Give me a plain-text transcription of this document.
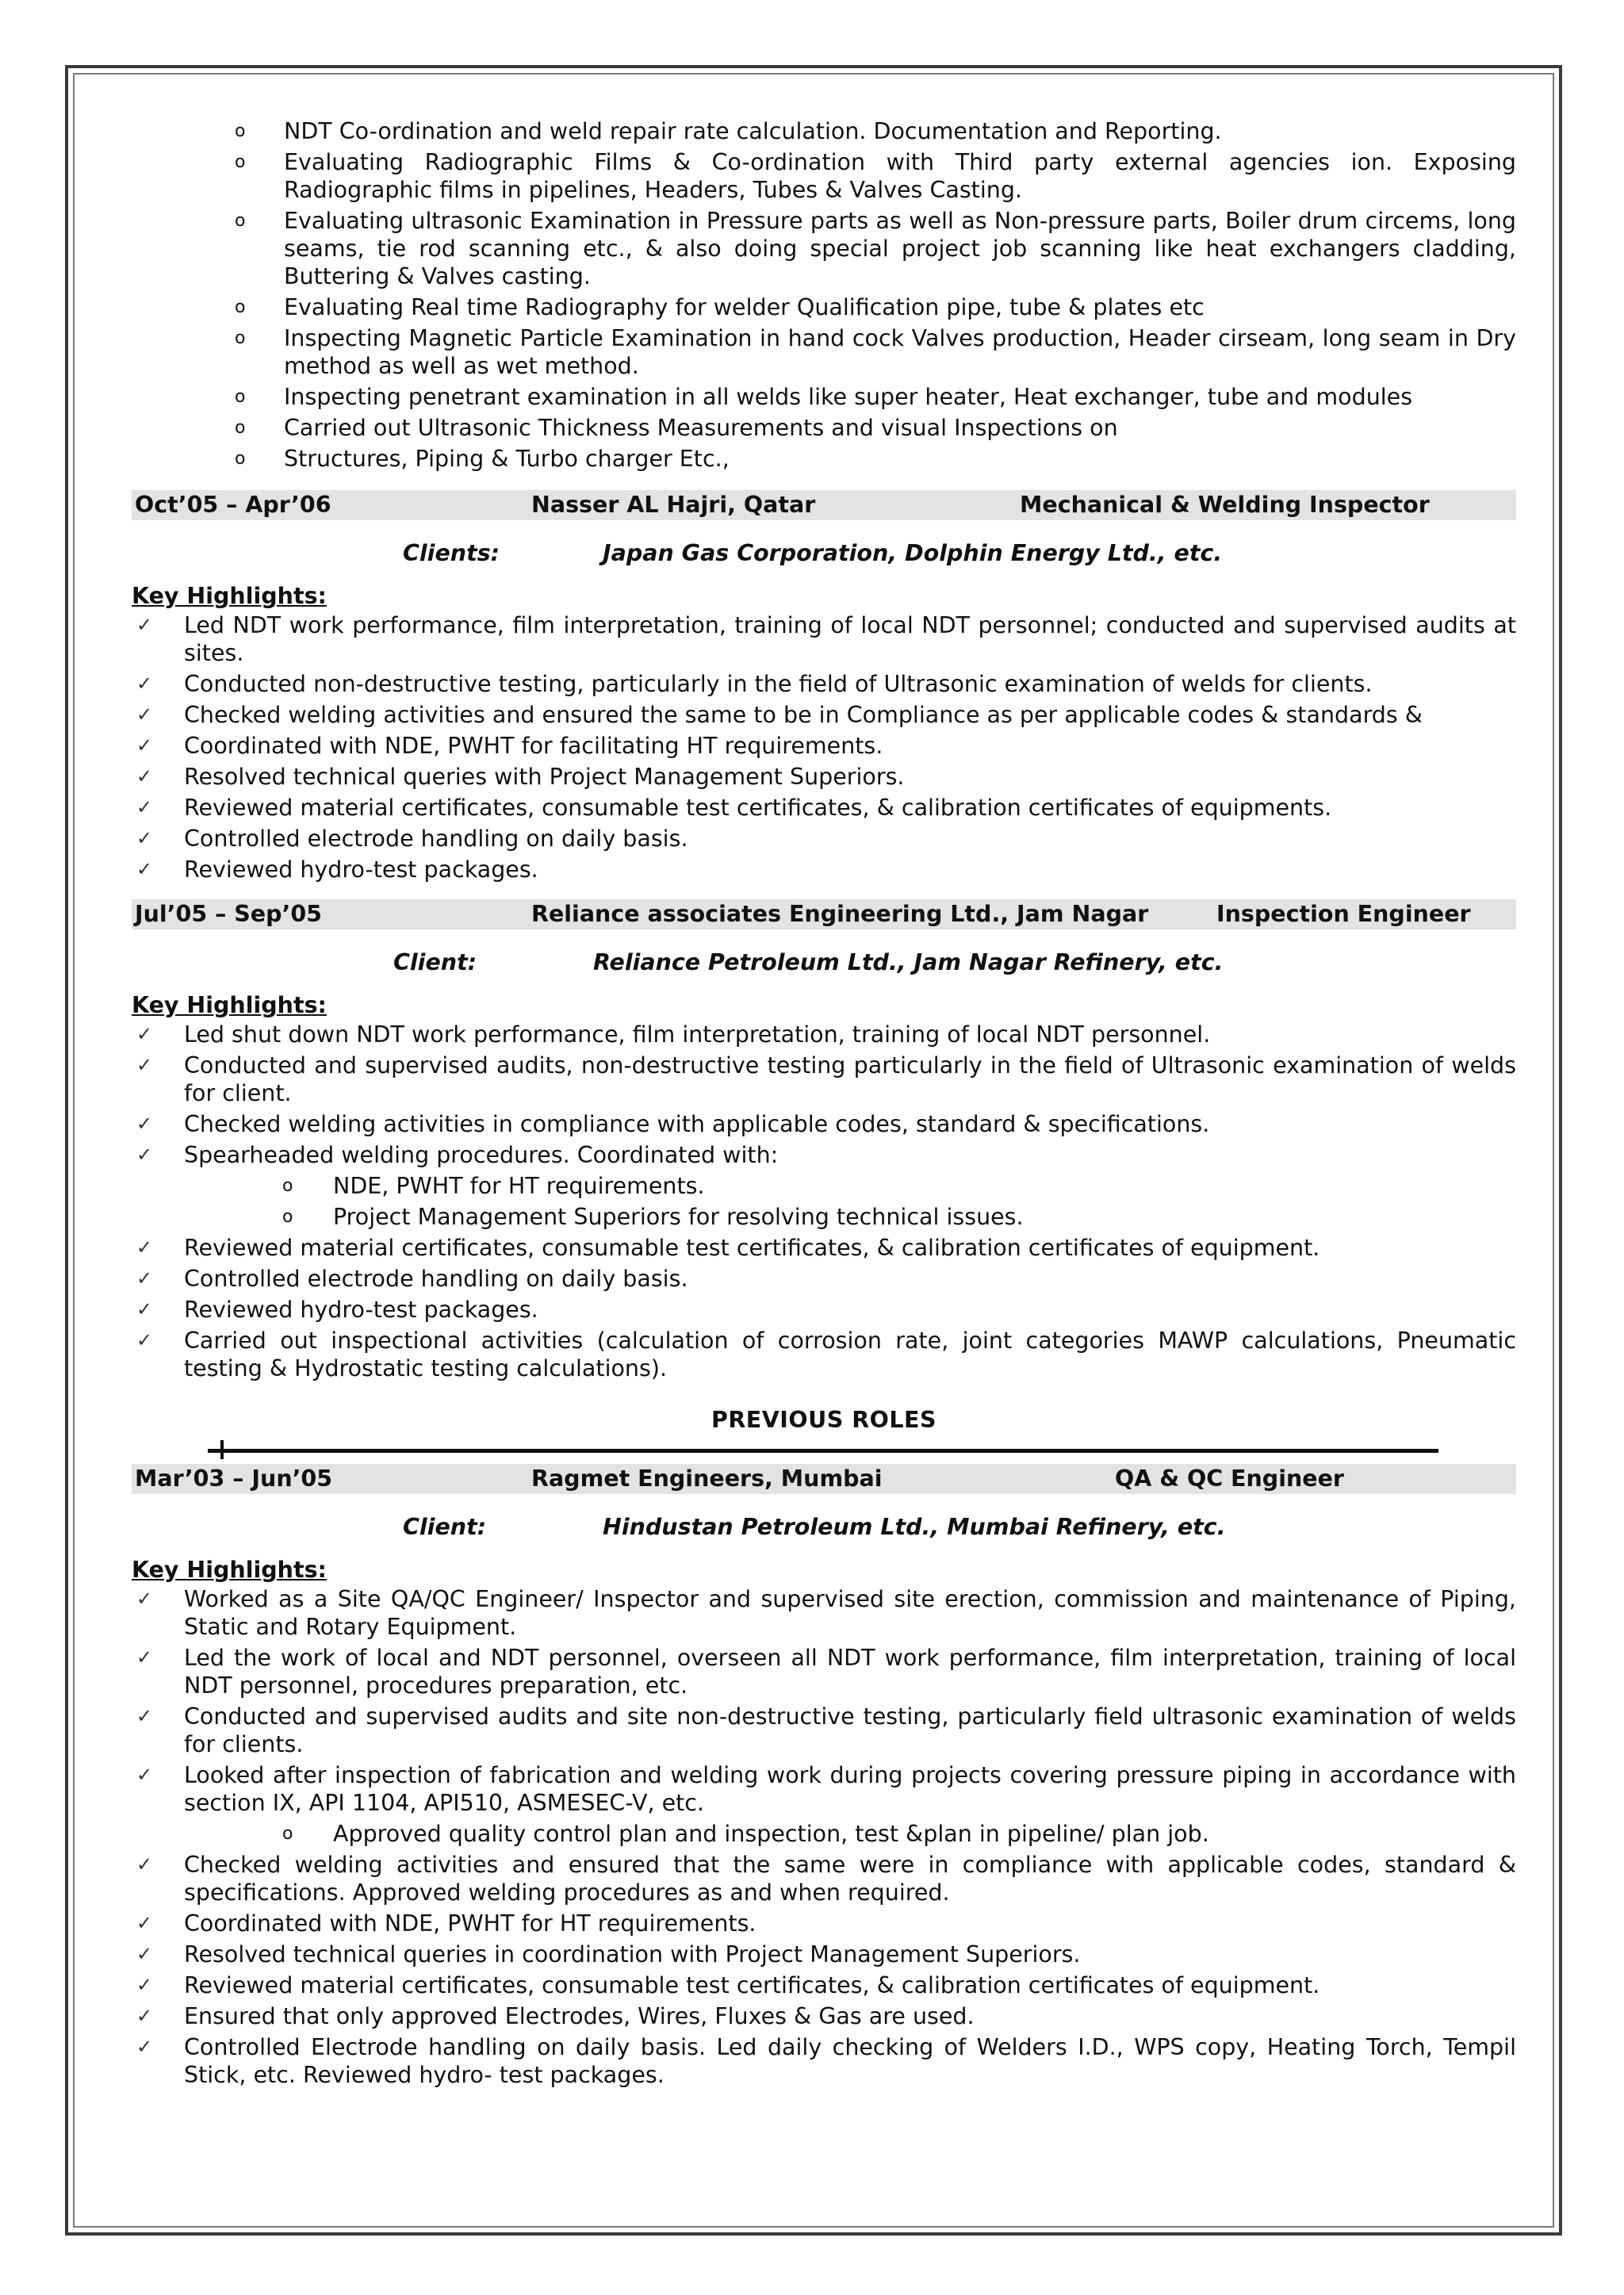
o NDT Co-ordination and weld repair rate calculation. Documentation and Reporting.
o Evaluating Radiographic Films & Co-ordination with Third party external agencies ion. Exposing Radiographic films in pipelines, Headers, Tubes & Valves Casting.
o Evaluating ultrasonic Examination in Pressure parts as well as Non-pressure parts, Boiler drum circems, long seams, tie rod scanning etc., & also doing special project job scanning like heat exchangers cladding, Buttering & Valves casting.
o Evaluating Real time Radiography for welder Qualification pipe, tube & plates etc
o Inspecting Magnetic Particle Examination in hand cock Valves production, Header cirseam, long seam in Dry method as well as wet method.
o Inspecting penetrant examination in all welds like super heater, Heat exchanger, tube and modules
o Carried out Ultrasonic Thickness Measurements and visual Inspections on
o Structures, Piping & Turbo charger Etc.,
Oct’05 – Apr’06	Nasser AL Hajri, Qatar	Mechanical & Welding Inspector
Clients:	Japan Gas Corporation, Dolphin Energy Ltd., etc.
Key Highlights:
✓ Led NDT work performance, film interpretation, training of local NDT personnel; conducted and supervised audits at sites.
✓ Conducted non-destructive testing, particularly in the field of Ultrasonic examination of welds for clients.
✓ Checked welding activities and ensured the same to be in Compliance as per applicable codes & standards &
✓ Coordinated with NDE, PWHT for facilitating HT requirements.
✓ Resolved technical queries with Project Management Superiors.
✓ Reviewed material certificates, consumable test certificates, & calibration certificates of equipments.
✓ Controlled electrode handling on daily basis.
✓ Reviewed hydro-test packages.
Jul’05 – Sep’05	Reliance associates Engineering Ltd., Jam Nagar	Inspection Engineer
Client:	Reliance Petroleum Ltd., Jam Nagar Refinery, etc.
Key Highlights:
✓ Led shut down NDT work performance, film interpretation, training of local NDT personnel.
✓ Conducted and supervised audits, non-destructive testing particularly in the field of Ultrasonic examination of welds for client.
✓ Checked welding activities in compliance with applicable codes, standard & specifications.
✓ Spearheaded welding procedures. Coordinated with:
o NDE, PWHT for HT requirements.
o Project Management Superiors for resolving technical issues.
✓ Reviewed material certificates, consumable test certificates, & calibration certificates of equipment.
✓ Controlled electrode handling on daily basis.
✓ Reviewed hydro-test packages.
✓ Carried out inspectional activities (calculation of corrosion rate, joint categories MAWP calculations, Pneumatic testing & Hydrostatic testing calculations).
PREVIOUS ROLES
Mar’03 – Jun’05	Ragmet Engineers, Mumbai	QA & QC Engineer
Client:	Hindustan Petroleum Ltd., Mumbai Refinery, etc.
Key Highlights:
✓ Worked as a Site QA/QC Engineer/ Inspector and supervised site erection, commission and maintenance of Piping, Static and Rotary Equipment.
✓ Led the work of local and NDT personnel, overseen all NDT work performance, film interpretation, training of local NDT personnel, procedures preparation, etc.
✓ Conducted and supervised audits and site non-destructive testing, particularly field ultrasonic examination of welds for clients.
✓ Looked after inspection of fabrication and welding work during projects covering pressure piping in accordance with section IX, API 1104, API510, ASMESEC-V, etc.
o Approved quality control plan and inspection, test &plan in pipeline/ plan job.
✓ Checked welding activities and ensured that the same were in compliance with applicable codes, standard & specifications. Approved welding procedures as and when required.
✓ Coordinated with NDE, PWHT for HT requirements.
✓ Resolved technical queries in coordination with Project Management Superiors.
✓ Reviewed material certificates, consumable test certificates, & calibration certificates of equipment.
✓ Ensured that only approved Electrodes, Wires, Fluxes & Gas are used.
✓ Controlled Electrode handling on daily basis. Led daily checking of Welders I.D., WPS copy, Heating Torch, Tempil Stick, etc. Reviewed hydro- test packages.
